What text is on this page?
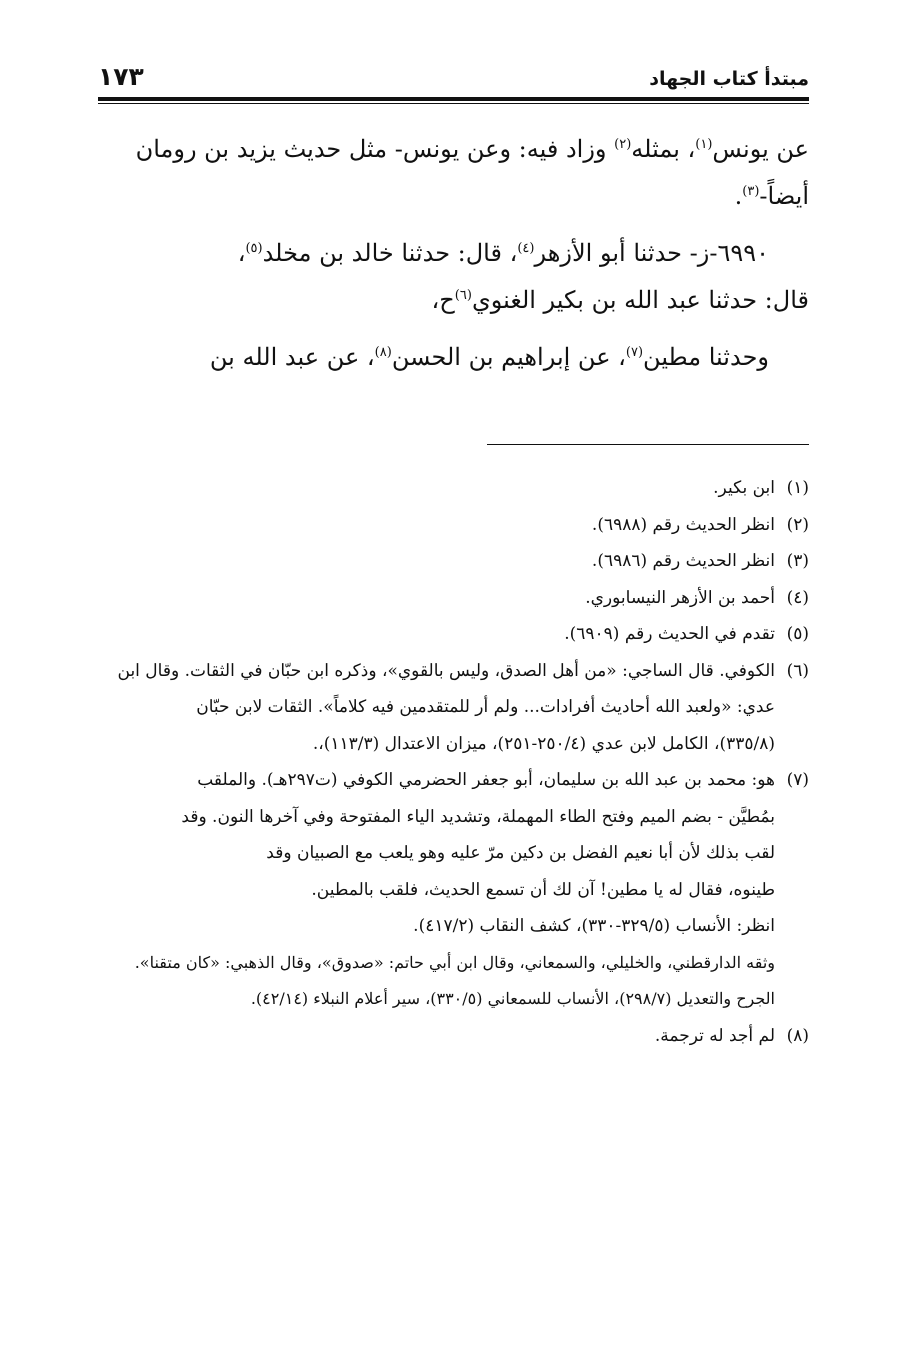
مبتدأ كتاب الجهاد
١٧٣

عن يونس$^{(١)}$، بمثله$^{(٢)}$ وزاد فيه: وعن يونس- مثل حديث يزيد بن رومان
أيضاً-$^{(٣)}$.

٦٩٩٠-ز- حدثنا أبو الأزهر$^{(٤)}$، قال: حدثنا خالد بن مخلد$^{(٥)}$،
قال: حدثنا عبد الله بن بكير الغنوي$^{(٦)}$ح،

وحدثنا مطين$^{(٧)}$، عن إبراهيم بن الحسن$^{(٨)}$، عن عبد الله بن

(١)
ابن بكير.
(٢)
انظر الحديث رقم (٦٩٨٨).
(٣)
انظر الحديث رقم (٦٩٨٦).
(٤)
أحمد بن الأزهر النيسابوري.
(٥)
تقدم في الحديث رقم (٦٩٠٩).
(٦)
الكوفي. قال الساجي: «من أهل الصدق، وليس بالقوي»، وذكره ابن حبّان في الثقات. وقال ابن
عدي: «ولعبد الله أحاديث أفرادات... ولم أر للمتقدمين فيه كلاماً». الثقات لابن حبّان
(٣٣٥/٨)، الكامل لابن عدي (٢٥٠/٤-٢٥١)، ميزان الاعتدال (١١٣/٣)،.
(٧)
هو: محمد بن عبد الله بن سليمان، أبو جعفر الحضرمي الكوفي (ت٢٩٧هـ). والملقب
بمُطيَّن - بضم الميم وفتح الطاء المهملة، وتشديد الياء المفتوحة وفي آخرها النون. وقد
لقب بذلك لأن أبا نعيم الفضل بن دكين مرّ عليه وهو يلعب مع الصبيان وقد
طينوه، فقال له يا مطين! آن لك أن تسمع الحديث، فلقب بالمطين.
انظر: الأنساب (٣٢٩/٥-٣٣٠)، كشف النقاب (٤١٧/٢).
وثقه الدارقطني، والخليلي، والسمعاني، وقال ابن أبي حاتم: «صدوق»، وقال الذهبي: «كان متقنا».
الجرح والتعديل (٢٩٨/٧)، الأنساب للسمعاني (٣٣٠/٥)، سير أعلام النبلاء (٤٢/١٤).
(٨)
لم أجد له ترجمة.
